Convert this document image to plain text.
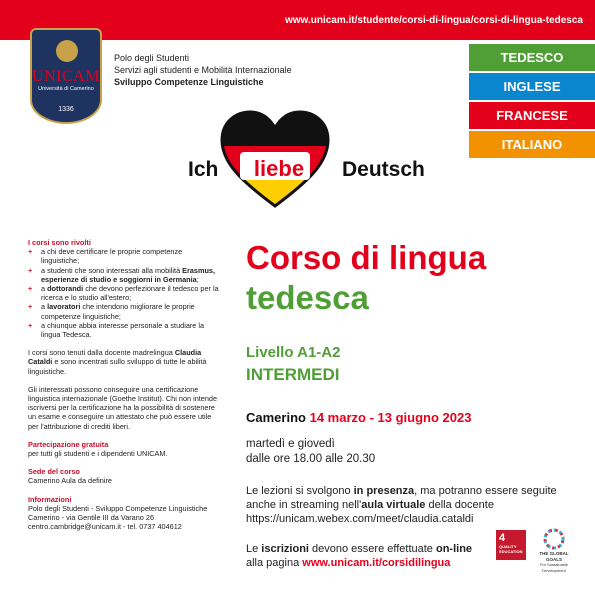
www.unicam.it/studente/corsi-di-lingua/corsi-di-lingua-tedesca
UNICAM
Università di Camerino
1336
Polo degli Studenti
Servizi agli studenti e Mobilità Internazionale
Sviluppo Competenze Linguistiche
TEDESCO
INGLESE
FRANCESE
ITALIANO
Ich	liebe	Deutsch
I corsi sono rivolti
+ a chi deve certificare le proprie competenze linguistiche;
+ a studenti che sono interessati alla mobilità Erasmus, esperienze di studio e soggiorni in Germania;
+ a dottorandi che devono perfezionare il tedesco per la ricerca e lo studio all'estero;
+ a lavoratori che intendono migliorare le proprie competenze linguistiche;
+ a chiunque abbia interesse personale a studiare la lingua Tedesca.
I corsi sono tenuti dalla docente madrelingua Claudia Cataldi e sono incentrati sullo sviluppo di tutte le abilità linguistiche.
Gli interessati possono conseguire una certificazione linguistica internazionale (Goethe Institut). Chi non intende iscriversi per la certificazione ha la possibilità di sostenere un esame e conseguire un attestato che può essere utile per l'attribuzione di crediti liberi.
Partecipazione gratuita
per tutti gli studenti e i dipendenti UNICAM.
Sede del corso
Camerino Aula da definire
Informazioni
Polo degli Studenti - Sviluppo Competenze Linguistiche
Camerino - via Gentile III da Varano 26
centro.cambridge@unicam.it - tel. 0737 404612
Corso di lingua
tedesca
Livello A1-A2
INTERMEDI
Camerino 14 marzo - 13 giugno 2023
martedì e giovedì
dalle ore 18.00 alle 20.30
Le lezioni si svolgono in presenza, ma potranno essere seguite anche in streaming nell'aula virtuale della docente
https://unicam.webex.com/meet/claudia.cataldi
Le iscrizioni devono essere effettuate on-line
alla pagina www.unicam.it/corsidilingua
4
QUALITY EDUCATION	THE GLOBAL GOALS
For Sustainable Development
